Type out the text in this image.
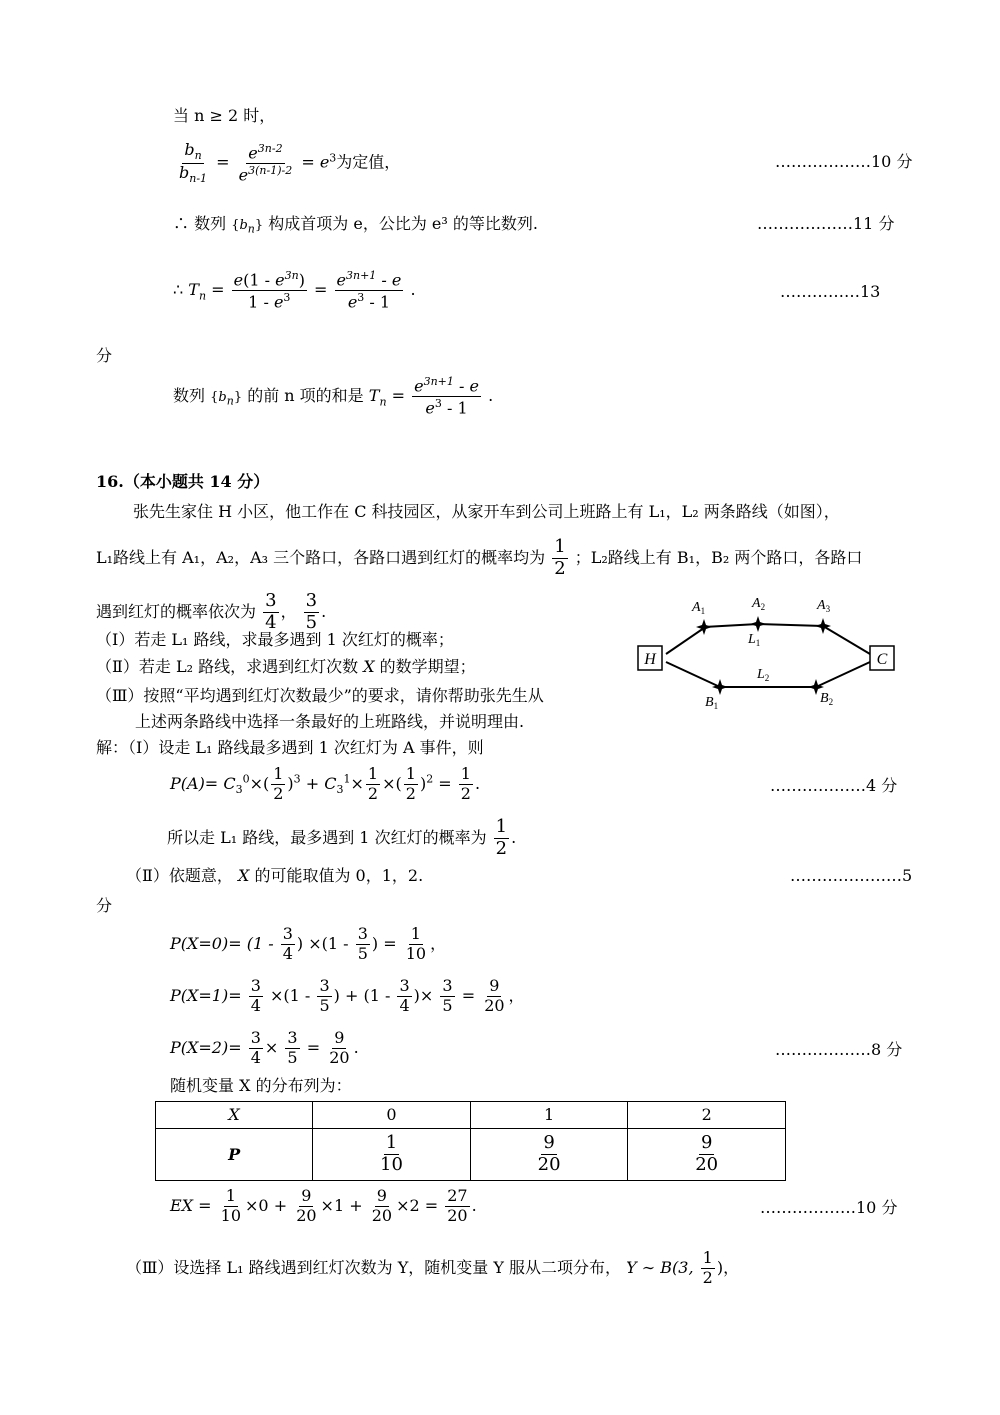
当 n ≥ 2 时，
$\frac{b_n}{b_{n-1}} = \frac{e^{3n-2}}{e^{3(n-1)-2}} = e^3$为定值，	………………10 分
∴ 数列 $\{b_n\}$ 构成首项为 e，公比为 e³ 的等比数列.	………………11 分
∴ $T_n = \frac{e(1 - e^{3n})}{1 - e^3} = \frac{e^{3n+1} - e}{e^3 - 1}$ .	……………13
分
数列 $\{b_n\}$ 的前 n 项的和是 $T_n = \frac{e^{3n+1} - e}{e^3 - 1}$ .
16.（本小题共 14 分）
张先生家住 H 小区，他工作在 C 科技园区，从家开车到公司上班路上有 L₁，L₂ 两条路线（如图），
L₁路线上有 A₁，A₂，A₃ 三个路口，各路口遇到红灯的概率均为 $\frac{1}{2}$ ；L₂路线上有 B₁，B₂ 两个路口，各路口
遇到红灯的概率依次为 $\frac{3}{4}$ ， $\frac{3}{5}$ .
（Ⅰ）若走 L₁ 路线，求最多遇到 1 次红灯的概率；
（Ⅱ）若走 L₂ 路线，求遇到红灯次数 X 的数学期望；
（Ⅲ）按照“平均遇到红灯次数最少”的要求，请你帮助张先生从
上述两条路线中选择一条最好的上班路线，并说明理由.
H	C
$A_1$	$A_2$	$A_3$
$L_1$
$L_2$
$B_1$	$B_2$
解：（Ⅰ）设走 L₁ 路线最多遇到 1 次红灯为 A 事件，则
$P(A)= C_3^0\times( \frac{1}{2} )^3 + C_3^1\times \frac{1}{2}$ ×( $\frac{1}{2} )^2 = \frac{1}{2}$ .	………………4 分
所以走 L₁ 路线，最多遇到 1 次红灯的概率为 $\frac{1}{2}$ .
（Ⅱ）依题意， X 的可能取值为 0，1，2.	…………………5
分
$P(X=0)= (1 - \frac{3}{4}$ ) $\times(1 - \frac{3}{5}$ ) = $\frac{1}{10}$ ，
$P(X=1)= \frac{3}{4} \times(1 - \frac{3}{5}$ ) + ($1 - \frac{3}{4}$ )× $\frac{3}{5} = \frac{9}{20}$ ，
$P(X=2)= \frac{3}{4} \times \frac{3}{5} = \frac{9}{20}$ .	………………8 分
随机变量 X 的分布列为：
X	0	1	2
P	$\frac{1}{10}$	$\frac{9}{20}$	$\frac{9}{20}$
EX = $\frac{1}{10} \times 0 + \frac{9}{20} \times 1 + \frac{9}{20} \times 2 = \frac{27}{20}$ .	………………10 分
（Ⅲ）设选择 L₁ 路线遇到红灯次数为 Y，随机变量 Y 服从二项分布， Y ∼ B(3, $\frac{1}{2}$ )，
